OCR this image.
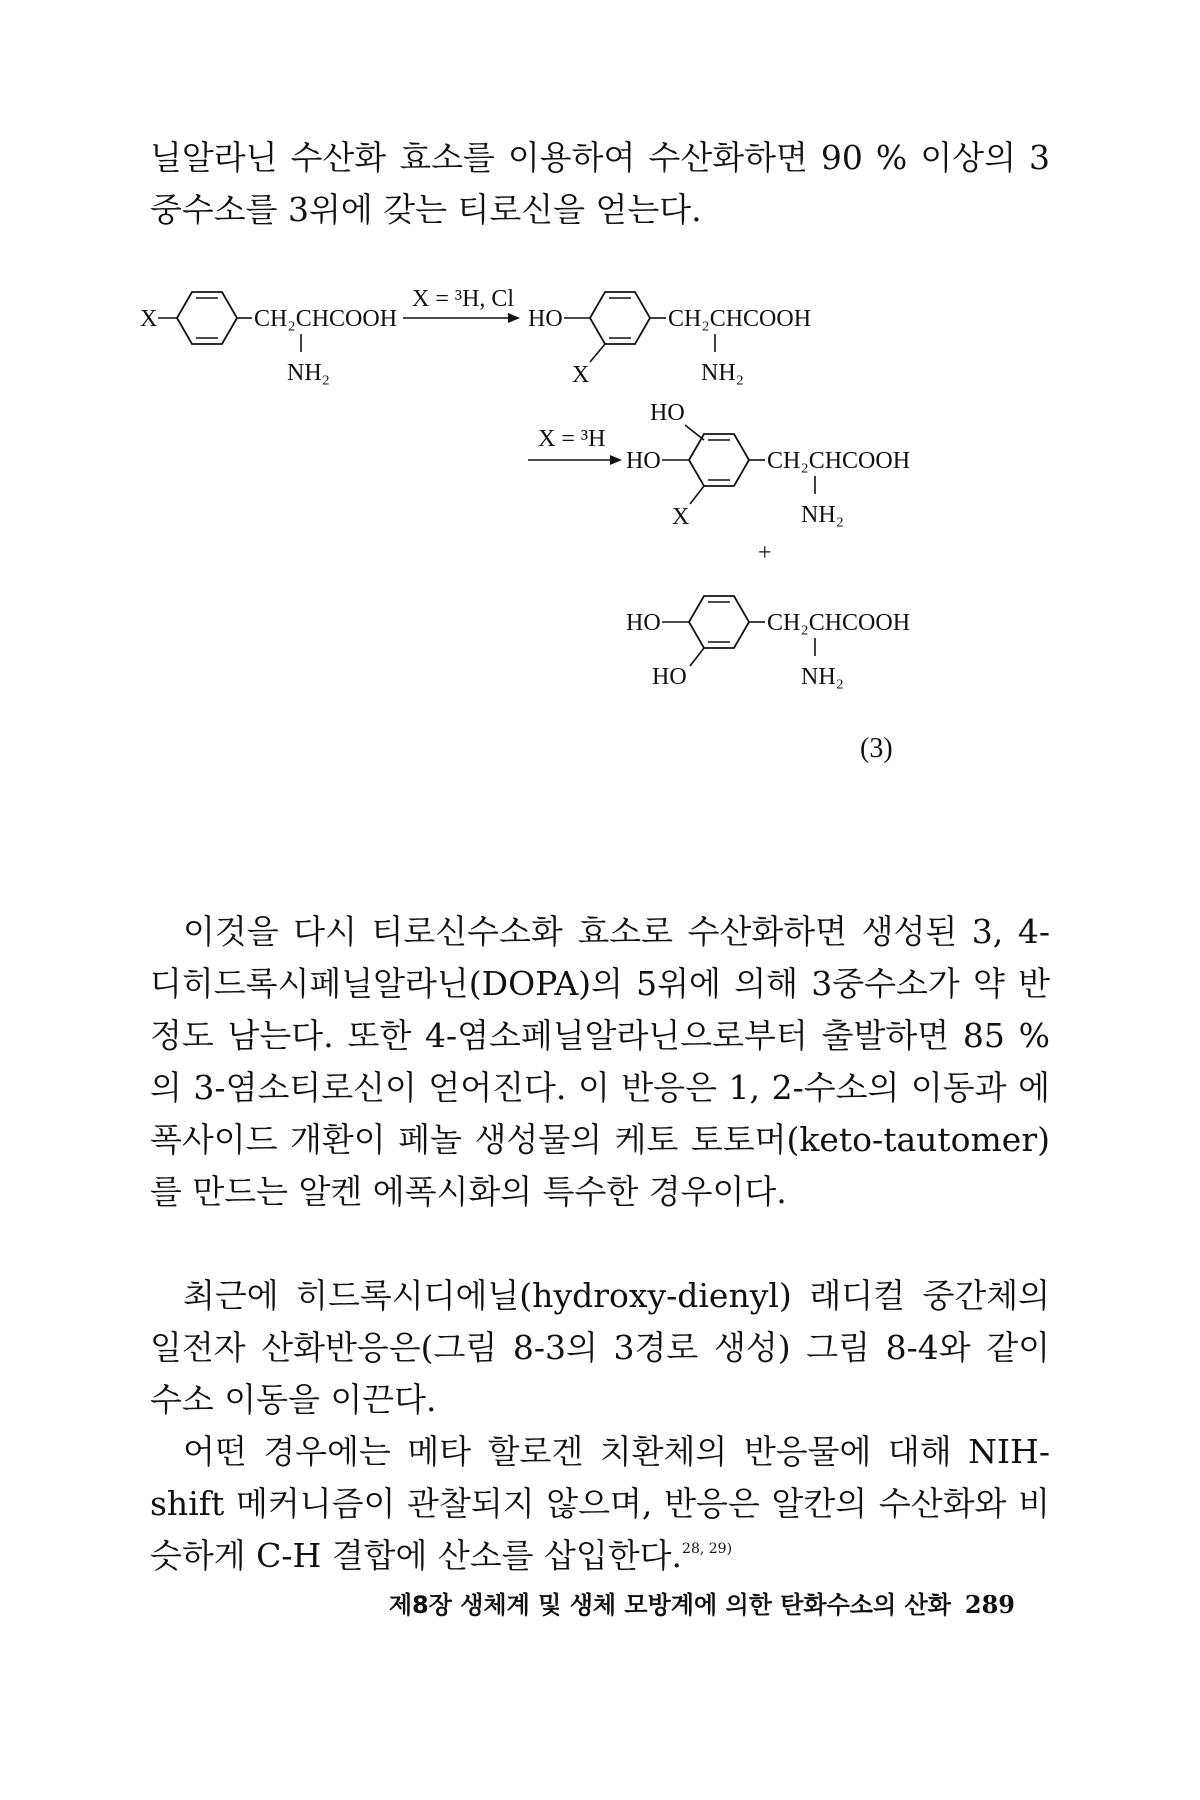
닐알라닌 수산화 효소를 이용하여 수산화하면 90 % 이상의 3중수소를 3위에 갖는 티로신을 얻는다.

X	CH₂CHCOOH
NH₂
X = ³H, Cl
HO	CH₂CHCOOH
NH₂
X
X = ³H
HO
HO	CH₂CHCOOH
NH₂
X
+
HO	CH₂CHCOOH
NH₂
HO
(3)

이것을 다시 티로신수소화 효소로 수산화하면 생성된 3, 4-디히드록시페닐알라닌(DOPA)의 5위에 의해 3중수소가 약 반 정도 남는다. 또한 4-염소페닐알라닌으로부터 출발하면 85 %의 3-염소티로신이 얻어진다. 이 반응은 1, 2-수소의 이동과 에폭사이드 개환이 페놀 생성물의 케토 토토머(keto-tautomer)를 만드는 알켄 에폭시화의 특수한 경우이다.

최근에 히드록시디에닐(hydroxy-dienyl) 래디컬 중간체의 일전자 산화반응은(그림 8-3의 3경로 생성) 그림 8-4와 같이 수소 이동을 이끈다.

어떤 경우에는 메타 할로겐 치환체의 반응물에 대해 NIH-shift 메커니즘이 관찰되지 않으며, 반응은 알칸의 수산화와 비슷하게 C-H 결합에 산소를 삽입한다.$^{28, 29)}$

제8장 생체계 및 생체 모방계에 의한 탄화수소의 산화 289
